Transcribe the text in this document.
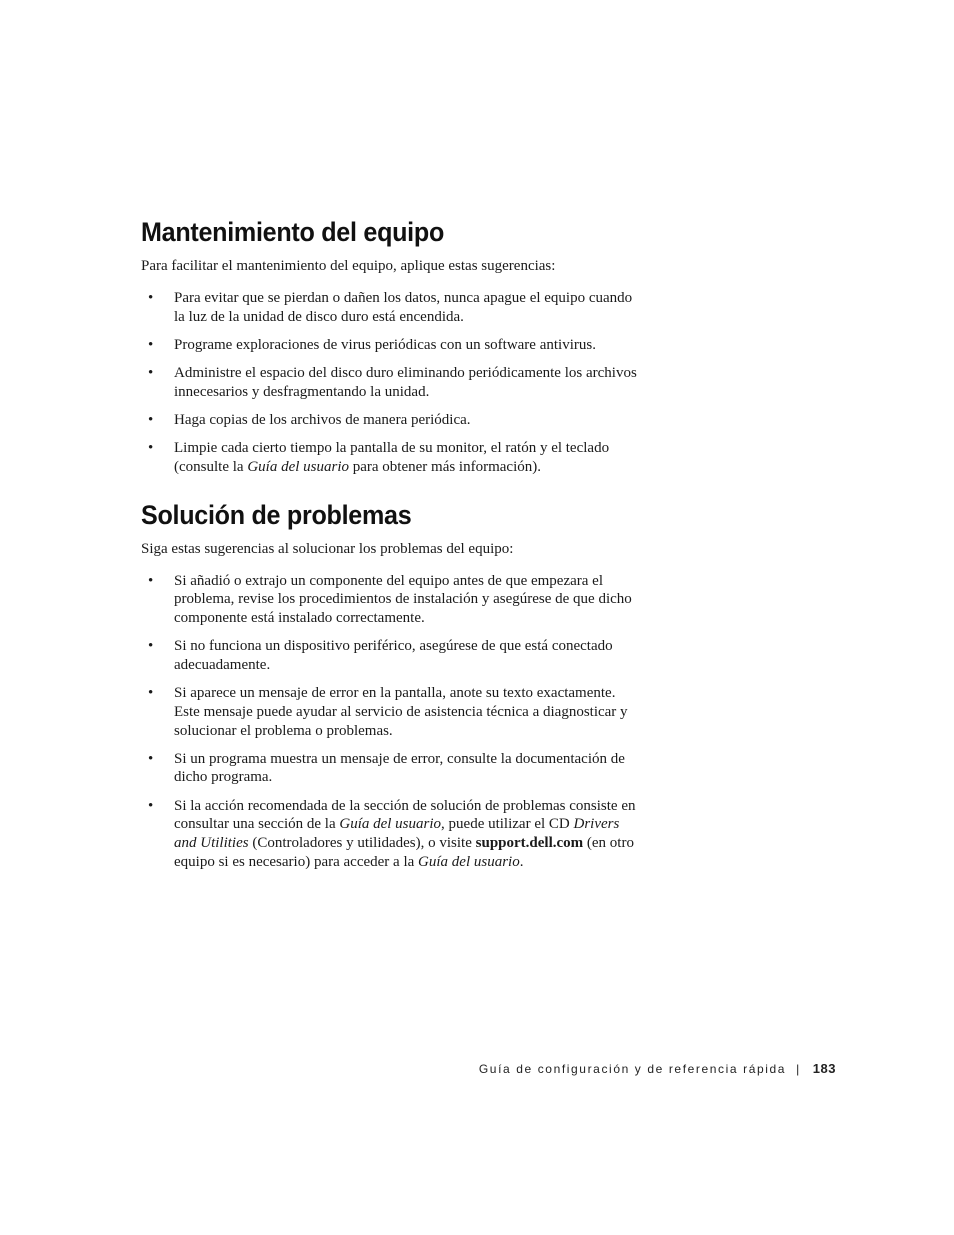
Mantenimiento del equipo

Para facilitar el mantenimiento del equipo, aplique estas sugerencias:

• Para evitar que se pierdan o dañen los datos, nunca apague el equipo cuando la luz de la unidad de disco duro está encendida.
• Programe exploraciones de virus periódicas con un software antivirus.
• Administre el espacio del disco duro eliminando periódicamente los archivos innecesarios y desfragmentando la unidad.
• Haga copias de los archivos de manera periódica.
• Limpie cada cierto tiempo la pantalla de su monitor, el ratón y el teclado (consulte la Guía del usuario para obtener más información).
Solución de problemas

Siga estas sugerencias al solucionar los problemas del equipo:

• Si añadió o extrajo un componente del equipo antes de que empezara el problema, revise los procedimientos de instalación y asegúrese de que dicho componente está instalado correctamente.
• Si no funciona un dispositivo periférico, asegúrese de que está conectado adecuadamente.
• Si aparece un mensaje de error en la pantalla, anote su texto exactamente. Este mensaje puede ayudar al servicio de asistencia técnica a diagnosticar y solucionar el problema o problemas.
• Si un programa muestra un mensaje de error, consulte la documentación de dicho programa.
• Si la acción recomendada de la sección de solución de problemas consiste en consultar una sección de la Guía del usuario, puede utilizar el CD Drivers and Utilities (Controladores y utilidades), o visite support.dell.com (en otro equipo si es necesario) para acceder a la Guía del usuario.
Guía de configuración y de referencia rápida | 183
